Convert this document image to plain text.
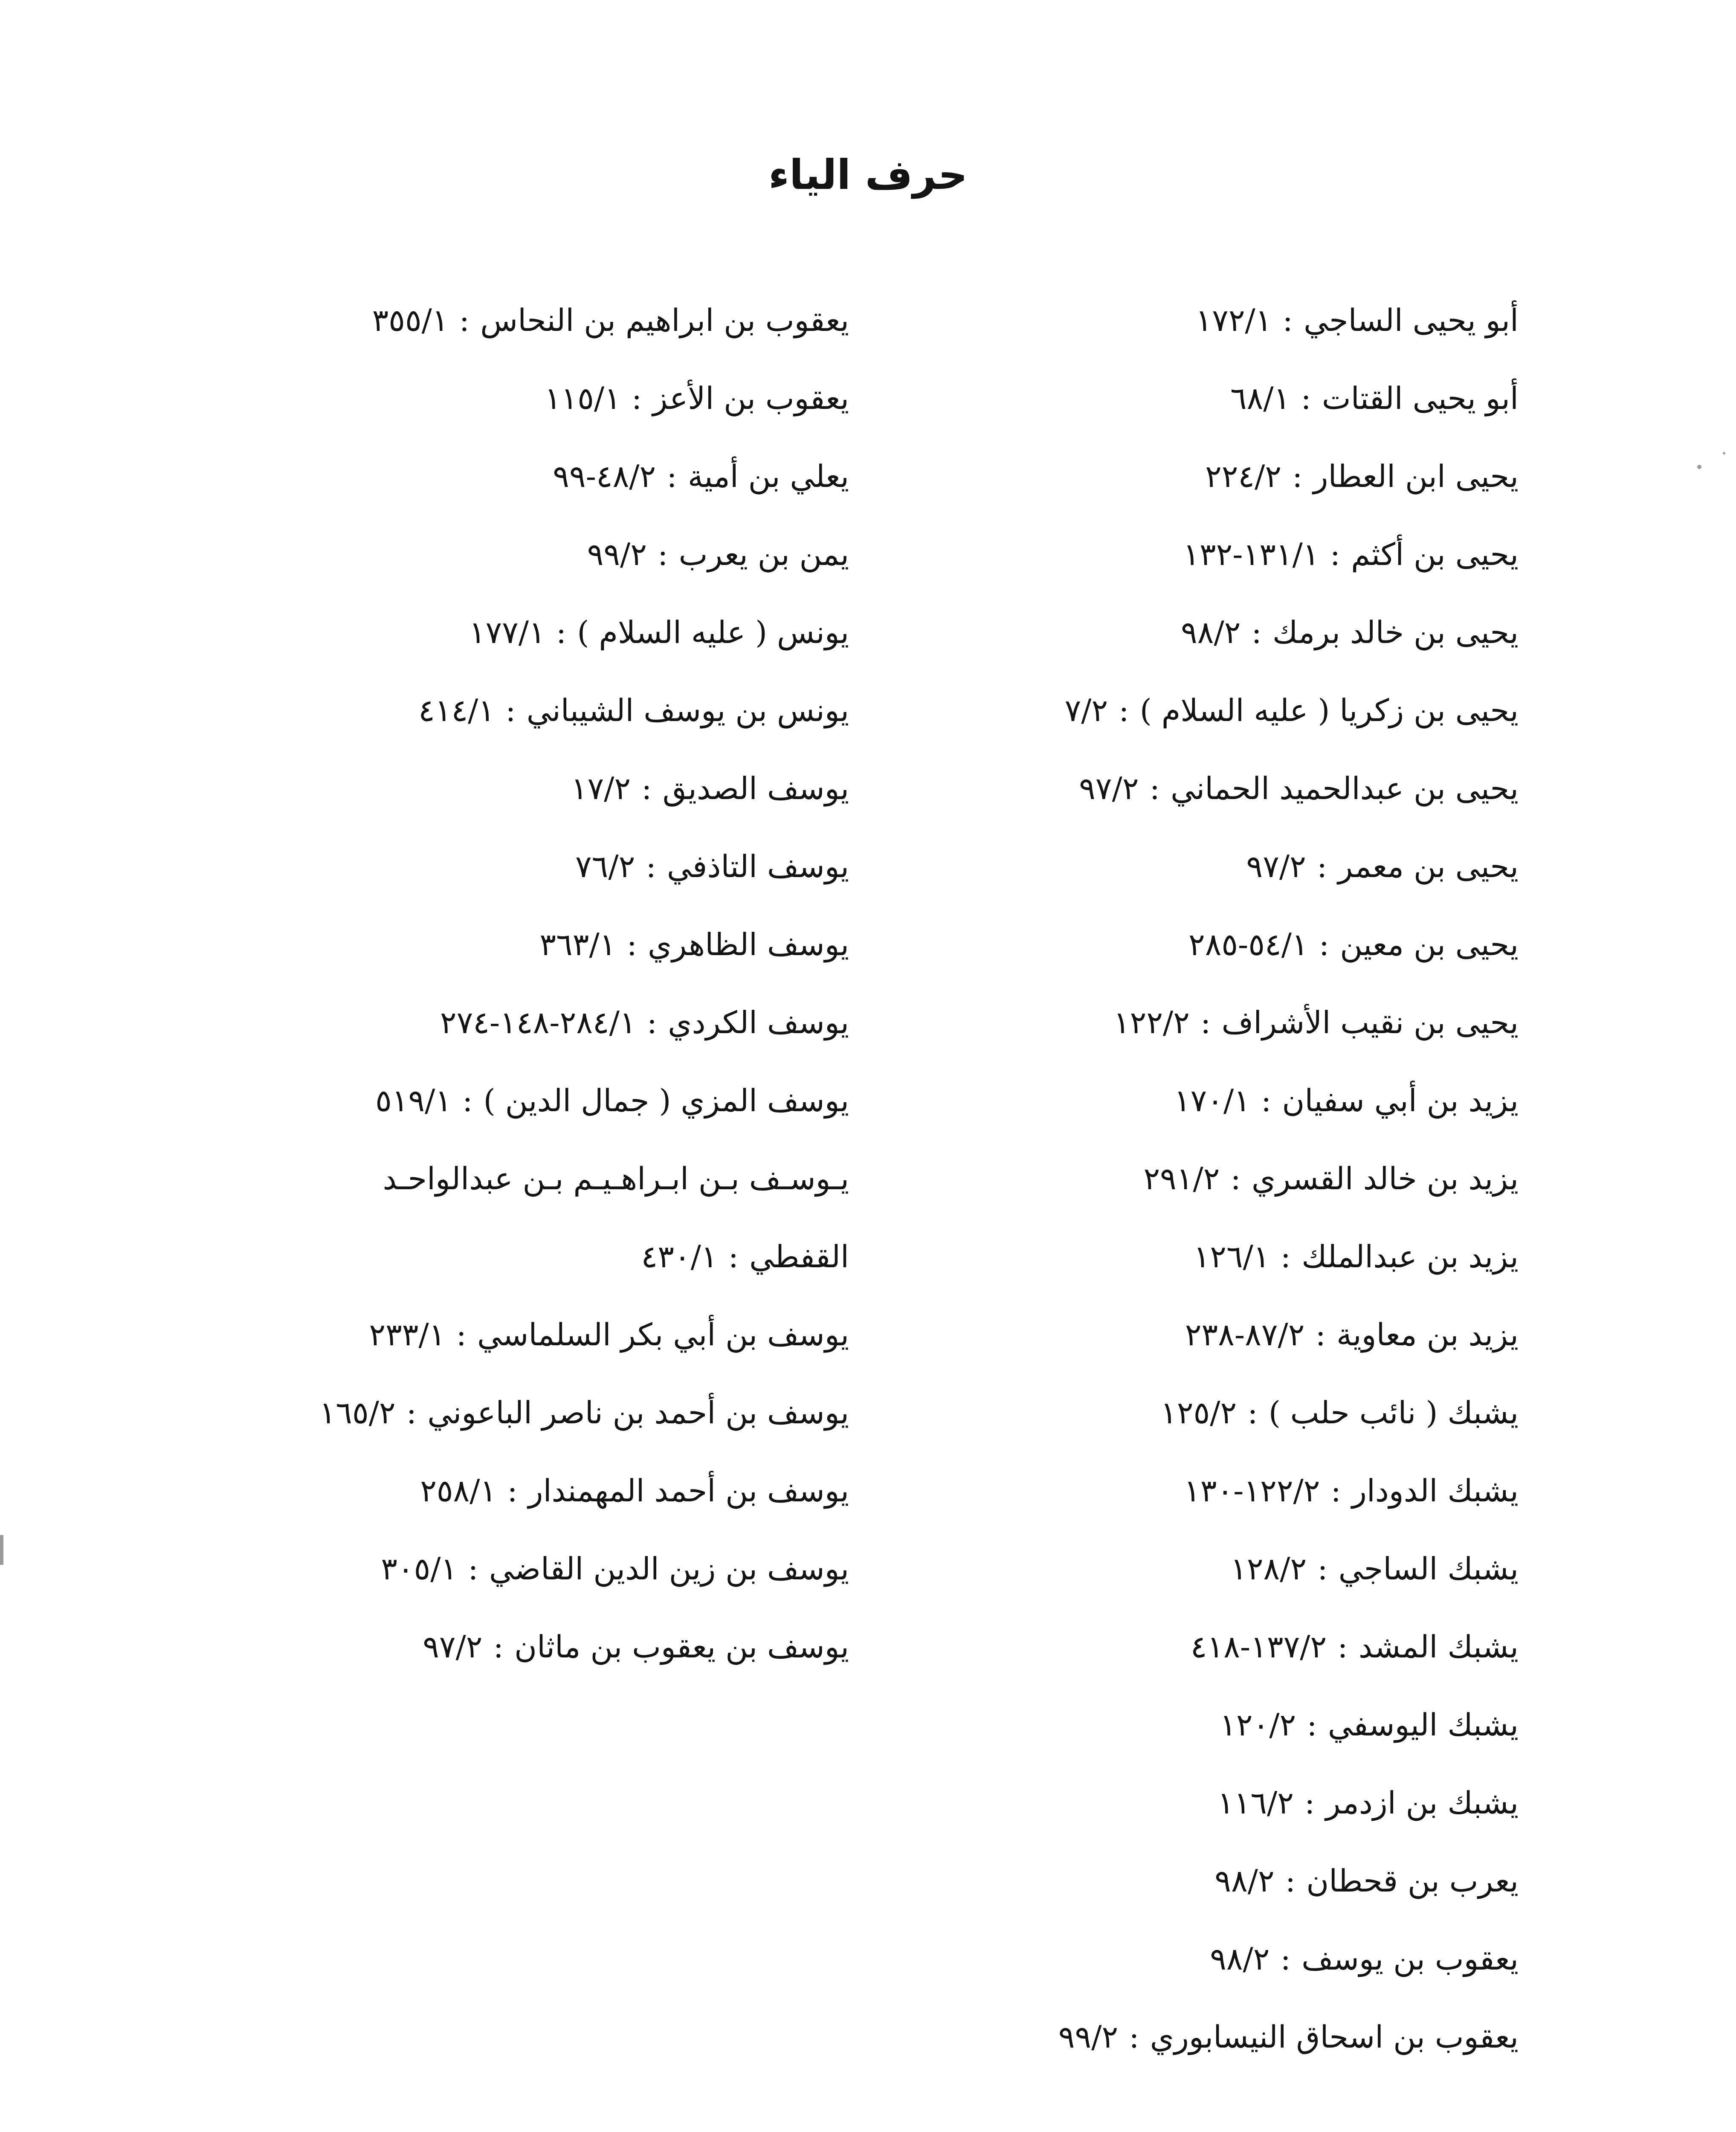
حرف الياء
أبو يحيى الساجي
:
١٧٢/١
أبو يحيى القتات
:
٦٨/١
يحيى ابن العطار
:
٢٢٤/٢
يحيى بن أكثم
:
١٣١/١-١٣٢
يحيى بن خالد برمك
:
٩٨/٢
يحيى بن زكريا ( عليه السلام )
:
٧/٢
يحيى بن عبدالحميد الحماني
:
٩٧/٢
يحيى بن معمر
:
٩٧/٢
يحيى بن معين
:
٥٤/١-٢٨٥
يحيى بن نقيب الأشراف
:
١٢٢/٢
يزيد بن أبي سفيان
:
١٧٠/١
يزيد بن خالد القسري
:
٢٩١/٢
يزيد بن عبدالملك
:
١٢٦/١
يزيد بن معاوية
:
٨٧/٢-٢٣٨
يشبك ( نائب حلب )
:
١٢٥/٢
يشبك الدودار
:
١٢٢/٢-١٣٠
يشبك الساجي
:
١٢٨/٢
يشبك المشد
:
١٣٧/٢-٤١٨
يشبك اليوسفي
:
١٢٠/٢
يشبك بن ازدمر
:
١١٦/٢
يعرب بن قحطان
:
٩٨/٢
يعقوب بن يوسف
:
٩٨/٢
يعقوب بن اسحاق النيسابوري
:
٩٩/٢
يعقوب بن ابراهيم بن النحاس
:
٣٥٥/١
يعقوب بن الأعز
:
١١٥/١
يعلي بن أمية
:
٤٨/٢-٩٩
يمن بن يعرب
:
٩٩/٢
يونس ( عليه السلام )
:
١٧٧/١
يونس بن يوسف الشيباني
:
٤١٤/١
يوسف الصديق
:
١٧/٢
يوسف التاذفي
:
٧٦/٢
يوسف الظاهري
:
٣٦٣/١
يوسف الكردي
:
٢٨٤/١-١٤٨-٢٧٤
يوسف المزي ( جمال الدين )
:
٥١٩/١
يـوسـف بـن ابـراهـيـم بـن عبدالواحـد
القفطي
:
٤٣٠/١
يوسف بن أبي بكر السلماسي
:
٢٣٣/١
يوسف بن أحمد بن ناصر الباعوني
:
١٦٥/٢
يوسف بن أحمد المهمندار
:
٢٥٨/١
يوسف بن زين الدين القاضي
:
٣٠٥/١
يوسف بن يعقوب بن ماثان
:
٩٧/٢
